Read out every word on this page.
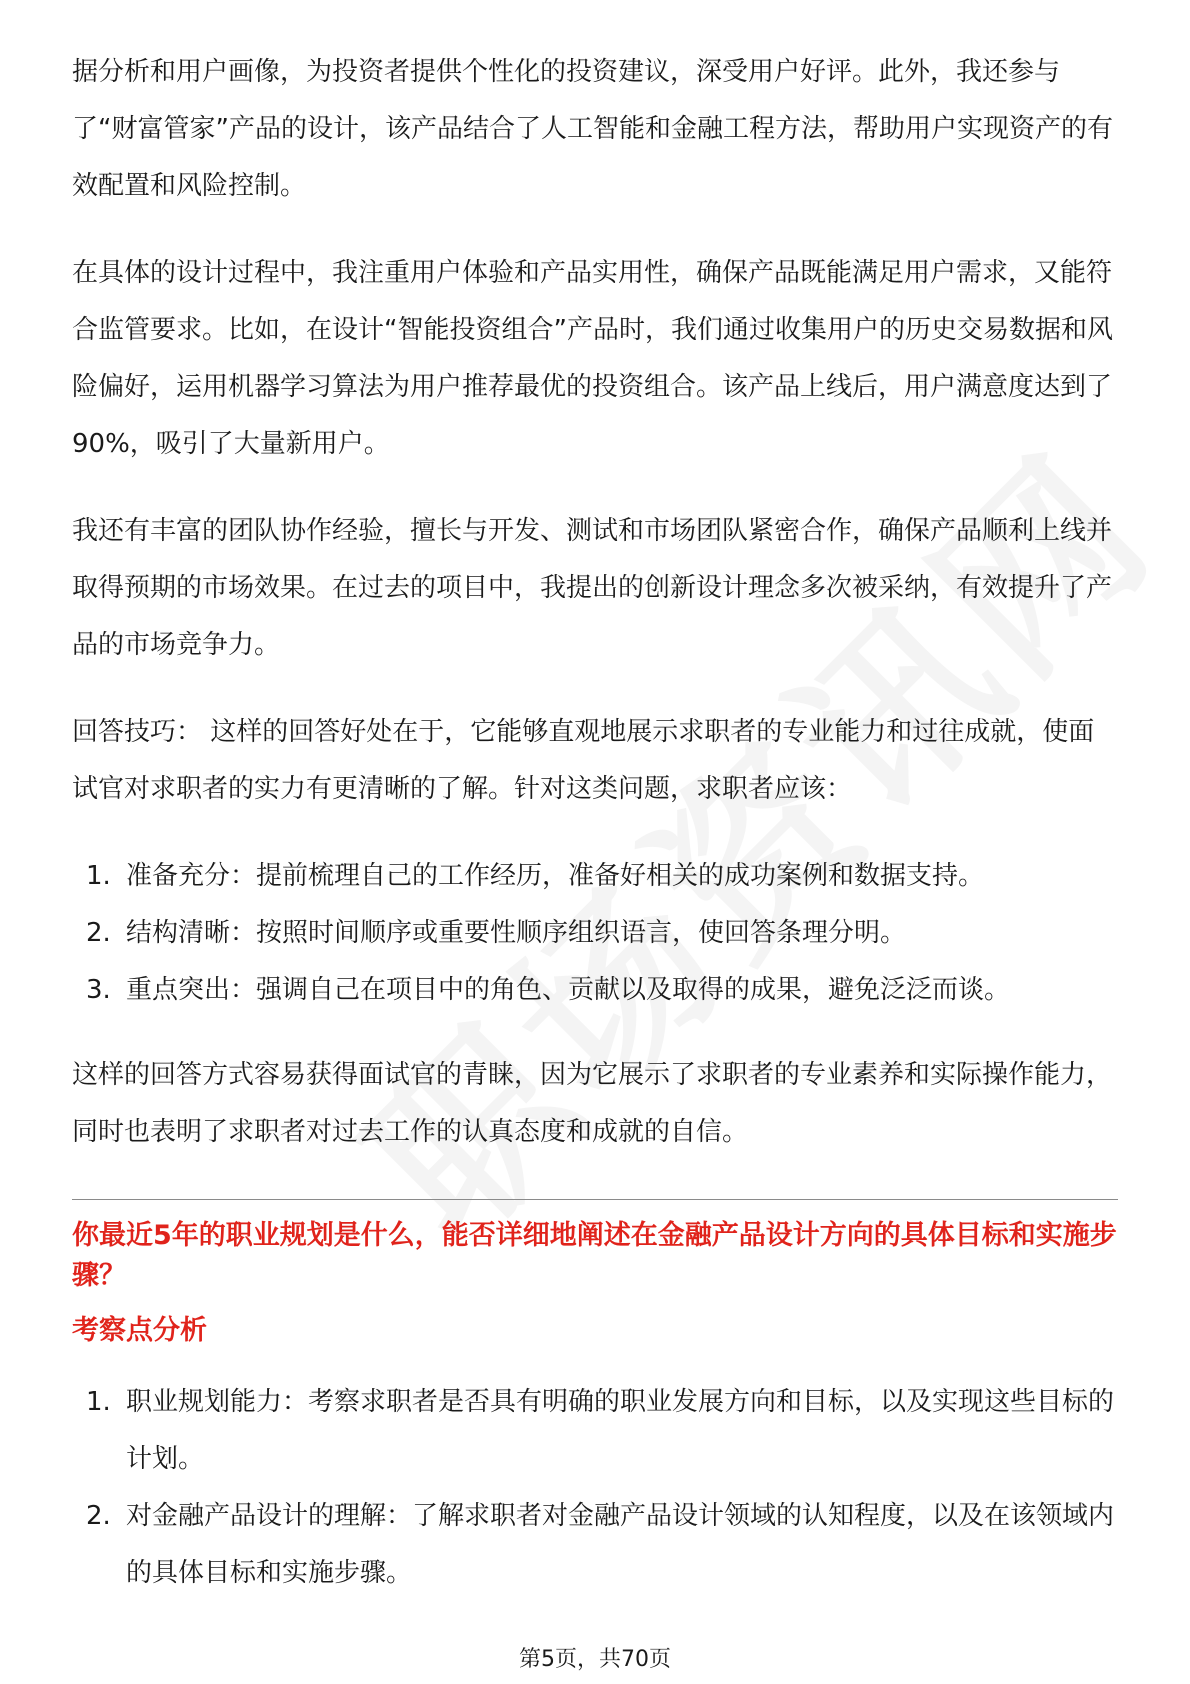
据分析和用户画像，为投资者提供个性化的投资建议，深受用户好评。此外，我还参与了“财富管家”产品的设计，该产品结合了人工智能和金融工程方法，帮助用户实现资产的有效配置和风险控制。

在具体的设计过程中，我注重用户体验和产品实用性，确保产品既能满足用户需求，又能符合监管要求。比如，在设计“智能投资组合”产品时，我们通过收集用户的历史交易数据和风险偏好，运用机器学习算法为用户推荐最优的投资组合。该产品上线后，用户满意度达到了90%，吸引了大量新用户。

我还有丰富的团队协作经验，擅长与开发、测试和市场团队紧密合作，确保产品顺利上线并取得预期的市场效果。在过去的项目中，我提出的创新设计理念多次被采纳，有效提升了产品的市场竞争力。

回答技巧： 这样的回答好处在于，它能够直观地展示求职者的专业能力和过往成就，使面试官对求职者的实力有更清晰的了解。针对这类问题，求职者应该：

1. 准备充分：提前梳理自己的工作经历，准备好相关的成功案例和数据支持。
2. 结构清晰：按照时间顺序或重要性顺序组织语言，使回答条理分明。
3. 重点突出：强调自己在项目中的角色、贡献以及取得的成果，避免泛泛而谈。

这样的回答方式容易获得面试官的青睐，因为它展示了求职者的专业素养和实际操作能力，同时也表明了求职者对过去工作的认真态度和成就的自信。

你最近5年的职业规划是什么，能否详细地阐述在金融产品设计方向的具体目标和实施步骤？
考察点分析
1. 职业规划能力：考察求职者是否具有明确的职业发展方向和目标，以及实现这些目标的计划。
2. 对金融产品设计的理解：了解求职者对金融产品设计领域的认知程度，以及在该领域内的具体目标和实施步骤。
第5页，共70页
